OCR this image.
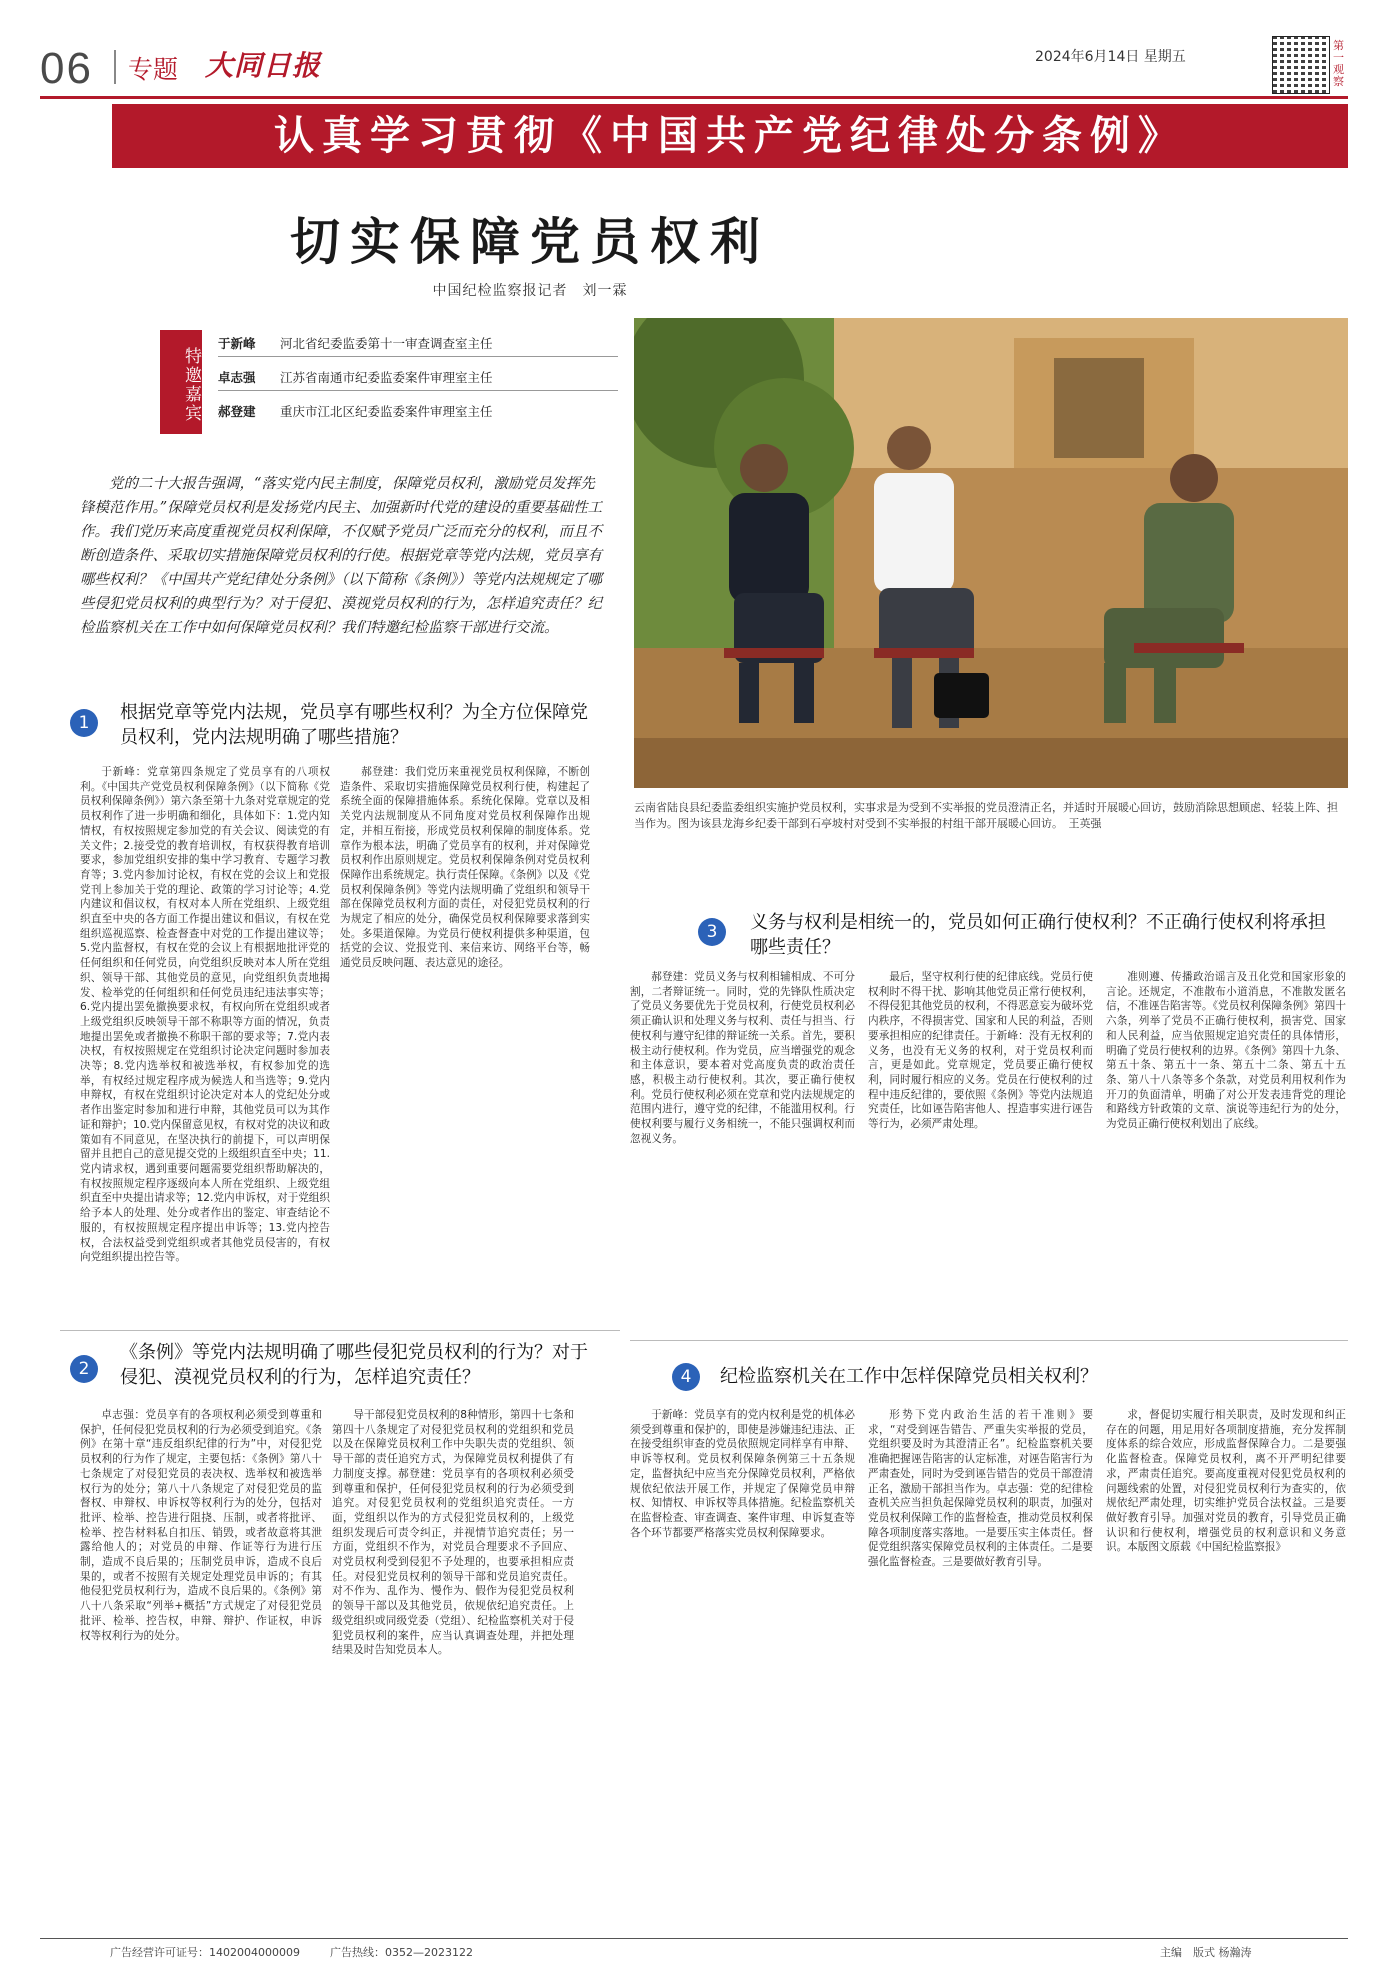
06 专题 大同日报	2024年6月14日 星期五
第一观察
认真学习贯彻《中国共产党纪律处分条例》
切实保障党员权利
中国纪检监察报记者　刘一霖
特邀嘉宾
于新峰 河北省纪委监委第十一审查调查室主任
卓志强 江苏省南通市纪委监委案件审理室主任
郝登建 重庆市江北区纪委监委案件审理室主任
党的二十大报告强调，“落实党内民主制度，保障党员权利，激励党员发挥先锋模范作用。”保障党员权利是发扬党内民主、加强新时代党的建设的重要基础性工作。我们党历来高度重视党员权利保障，不仅赋予党员广泛而充分的权利，而且不断创造条件、采取切实措施保障党员权利的行使。根据党章等党内法规，党员享有哪些权利？《中国共产党纪律处分条例》（以下简称《条例》）等党内法规规定了哪些侵犯党员权利的典型行为？对于侵犯、漠视党员权利的行为，怎样追究责任？纪检监察机关在工作中如何保障党员权利？我们特邀纪检监察干部进行交流。
云南省陆良县纪委监委组织实施护党员权利，实事求是为受到不实举报的党员澄清正名，并适时开展暖心回访，鼓励消除思想顾虑、轻装上阵、担当作为。图为该县龙海乡纪委干部到石亭坡村对受到不实举报的村组干部开展暖心回访。　王英强
1	根据党章等党内法规，党员享有哪些权利？为全方位保障党员权利，党内法规明确了哪些措施？
于新峰：党章第四条规定了党员享有的八项权利。《中国共产党党员权利保障条例》（以下简称《党员权利保障条例》）第六条至第十九条对党章规定的党员权利作了进一步明确和细化，具体如下：1.党内知情权，有权按照规定参加党的有关会议、阅读党的有关文件；2.接受党的教育培训权，有权获得教育培训要求，参加党组织安排的集中学习教育、专题学习教育等；3.党内参加讨论权，有权在党的会议上和党报党刊上参加关于党的理论、政策的学习讨论等；4.党内建议和倡议权，有权对本人所在党组织、上级党组织直至中央的各方面工作提出建议和倡议，有权在党组织巡视巡察、检查督查中对党的工作提出建议等；5.党内监督权，有权在党的会议上有根据地批评党的任何组织和任何党员，向党组织反映对本人所在党组织、领导干部、其他党员的意见，向党组织负责地揭发、检举党的任何组织和任何党员违纪违法事实等；6.党内提出罢免撤换要求权，有权向所在党组织或者上级党组织反映领导干部不称职等方面的情况，负责地提出罢免或者撤换不称职干部的要求等；7.党内表决权，有权按照规定在党组织讨论决定问题时参加表决等；8.党内选举权和被选举权，有权参加党的选举，有权经过规定程序成为候选人和当选等；9.党内申辩权，有权在党组织讨论决定对本人的党纪处分或者作出鉴定时参加和进行申辩，其他党员可以为其作证和辩护；10.党内保留意见权，有权对党的决议和政策如有不同意见，在坚决执行的前提下，可以声明保留并且把自己的意见提交党的上级组织直至中央；11.党内请求权，遇到重要问题需要党组织帮助解决的，有权按照规定程序逐级向本人所在党组织、上级党组织直至中央提出请求等；12.党内申诉权，对于党组织给予本人的处理、处分或者作出的鉴定、审查结论不服的，有权按照规定程序提出申诉等；13.党内控告权，合法权益受到党组织或者其他党员侵害的，有权向党组织提出控告等。
郝登建：我们党历来重视党员权利保障，不断创造条件、采取切实措施保障党员权利行使，构建起了系统全面的保障措施体系。系统化保障。党章以及相关党内法规制度从不同角度对党员权利保障作出规定，并相互衔接，形成党员权利保障的制度体系。党章作为根本法，明确了党员享有的权利，并对保障党员权利作出原则规定。党员权利保障条例对党员权利保障作出系统规定。执行责任保障。《条例》以及《党员权利保障条例》等党内法规明确了党组织和领导干部在保障党员权利方面的责任，对侵犯党员权利的行为规定了相应的处分，确保党员权利保障要求落到实处。多渠道保障。为党员行使权利提供多种渠道，包括党的会议、党报党刊、来信来访、网络平台等，畅通党员反映问题、表达意见的途径。
2
《条例》等党内法规明确了哪些侵犯党员权利的行为？对于侵犯、漠视党员权利的行为，怎样追究责任？
卓志强：党员享有的各项权利必须受到尊重和保护，任何侵犯党员权利的行为必须受到追究。《条例》在第十章“违反组织纪律的行为”中，对侵犯党员权利的行为作了规定，主要包括：《条例》第八十七条规定了对侵犯党员的表决权、选举权和被选举权行为的处分；第八十八条规定了对侵犯党员的监督权、申辩权、申诉权等权利行为的处分，包括对批评、检举、控告进行阻挠、压制，或者将批评、检举、控告材料私自扣压、销毁，或者故意将其泄露给他人的；对党员的申辩、作证等行为进行压制，造成不良后果的；压制党员申诉，造成不良后果的，或者不按照有关规定处理党员申诉的；有其他侵犯党员权利行为，造成不良后果的。《条例》第八十八条采取“列举+概括”方式规定了对侵犯党员批评、检举、控告权，申辩、辩护、作证权，申诉权等权利行为的处分。
导干部侵犯党员权利的8种情形，第四十七条和第四十八条规定了对侵犯党员权利的党组织和党员以及在保障党员权利工作中失职失责的党组织、领导干部的责任追究方式，为保障党员权利提供了有力制度支撑。郝登建：党员享有的各项权利必须受到尊重和保护，任何侵犯党员权利的行为必须受到追究。对侵犯党员权利的党组织追究责任。一方面，党组织以作为的方式侵犯党员权利的，上级党组织发现后可责令纠正，并视情节追究责任；另一方面，党组织不作为，对党员合理要求不予回应、对党员权利受到侵犯不予处理的，也要承担相应责任。对侵犯党员权利的领导干部和党员追究责任。对不作为、乱作为、慢作为、假作为侵犯党员权利的领导干部以及其他党员，依规依纪追究责任。上级党组织或同级党委（党组）、纪检监察机关对于侵犯党员权利的案件，应当认真调查处理，并把处理结果及时告知党员本人。
3	义务与权利是相统一的，党员如何正确行使权利？不正确行使权利将承担哪些责任？
郝登建：党员义务与权利相辅相成、不可分割，二者辩证统一。同时，党的先锋队性质决定了党员义务要优先于党员权利，行使党员权利必须正确认识和处理义务与权利、责任与担当、行使权利与遵守纪律的辩证统一关系。首先，要积极主动行使权利。作为党员，应当增强党的观念和主体意识，要本着对党高度负责的政治责任感，积极主动行使权利。其次，要正确行使权利。党员行使权利必须在党章和党内法规规定的范围内进行，遵守党的纪律，不能滥用权利。行使权利要与履行义务相统一，不能只强调权利而忽视义务。
最后，坚守权利行使的纪律底线。党员行使权利时不得干扰、影响其他党员正常行使权利，不得侵犯其他党员的权利，不得恶意妄为破坏党内秩序，不得损害党、国家和人民的利益，否则要承担相应的纪律责任。于新峰：没有无权利的义务，也没有无义务的权利，对于党员权利而言，更是如此。党章规定，党员要正确行使权利，同时履行相应的义务。党员在行使权利的过程中违反纪律的，要依照《条例》等党内法规追究责任，比如诬告陷害他人、捏造事实进行诬告等行为，必须严肃处理。
准则遵、传播政治谣言及丑化党和国家形象的言论。还规定，不准散布小道消息，不准散发匿名信，不准诬告陷害等。《党员权利保障条例》第四十六条，列举了党员不正确行使权利，损害党、国家和人民利益，应当依照规定追究责任的具体情形，明确了党员行使权利的边界。《条例》第四十九条、第五十条、第五十一条、第五十二条、第五十五条、第八十八条等多个条款，对党员利用权利作为开刀的负面清单，明确了对公开发表违背党的理论和路线方针政策的文章、演说等违纪行为的处分，为党员正确行使权利划出了底线。
4	纪检监察机关在工作中怎样保障党员相关权利？
于新峰：党员享有的党内权利是党的机体必须受到尊重和保护的，即使是涉嫌违纪违法、正在接受组织审查的党员依照规定同样享有申辩、申诉等权利。党员权利保障条例第三十五条规定，监督执纪中应当充分保障党员权利，严格依规依纪依法开展工作，并规定了保障党员申辩权、知情权、申诉权等具体措施。纪检监察机关在监督检查、审查调查、案件审理、申诉复查等各个环节都要严格落实党员权利保障要求。
形势下党内政治生活的若干准则》要求，“对受到诬告错告、严重失实举报的党员，党组织要及时为其澄清正名”。纪检监察机关要准确把握诬告陷害的认定标准，对诬告陷害行为严肃查处，同时为受到诬告错告的党员干部澄清正名，激励干部担当作为。卓志强：党的纪律检查机关应当担负起保障党员权利的职责，加强对党员权利保障工作的监督检查，推动党员权利保障各项制度落实落地。一是要压实主体责任。督促党组织落实保障党员权利的主体责任。二是要强化监督检查。三是要做好教育引导。
求，督促切实履行相关职责，及时发现和纠正存在的问题，用足用好各项制度措施，充分发挥制度体系的综合效应，形成监督保障合力。二是要强化监督检查。保障党员权利，离不开严明纪律要求，严肃责任追究。要高度重视对侵犯党员权利的问题线索的处置，对侵犯党员权利行为查实的，依规依纪严肃处理，切实维护党员合法权益。三是要做好教育引导。加强对党员的教育，引导党员正确认识和行使权利，增强党员的权利意识和义务意识。本版图文原载《中国纪检监察报》
广告经营许可证号：1402004000009	广告热线：0352—2023122	主编　版式 杨瀚涛
